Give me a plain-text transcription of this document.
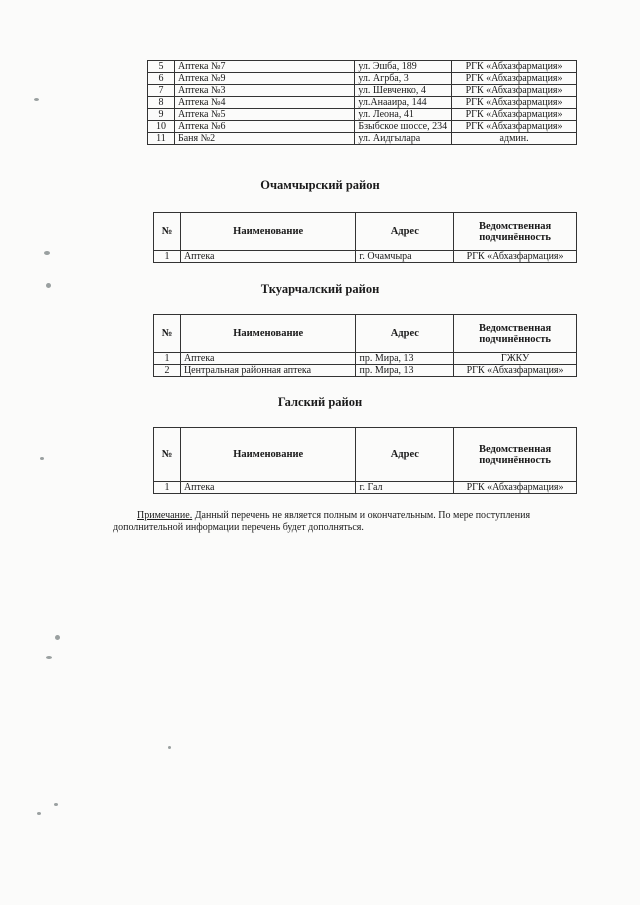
5	Аптека №7	ул. Эшба, 189	РГК «Абхазфармация»
6	Аптека №9	ул. Агрба, 3	РГК «Абхазфармация»
7	Аптека №3	ул. Шевченко, 4	РГК «Абхазфармация»
8	Аптека №4	ул.Анааира, 144	РГК «Абхазфармация»
9	Аптека №5	ул. Леона, 41	РГК «Абхазфармация»
10	Аптека №6	Бзыбское шоссе, 234	РГК «Абхазфармация»
11	Баня №2	ул. Аидгылара	админ.
Очамчырский район
№	Наименование	Адрес	Ведомственная подчинённость
1	Аптека	г. Очамчыра	РГК «Абхазфармация»
Ткуарчалский район
№	Наименование	Адрес	Ведомственная подчинённость
1	Аптека	пр. Мира, 13	ГЖКУ
2	Центральная районная аптека	пр. Мира, 13	РГК «Абхазфармация»
Галский район
№	Наименование	Адрес	Ведомственная подчинённость
1	Аптека	г. Гал	РГК «Абхазфармация»
Примечание. Данный перечень не является полным и окончательным. По мере поступления дополнительной информации перечень будет дополняться.
